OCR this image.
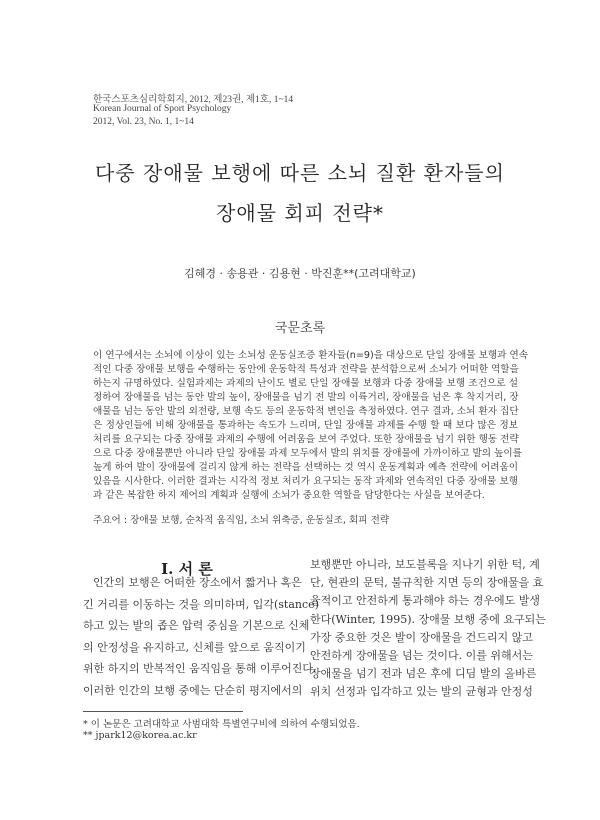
한국스포츠심리학회지, 2012, 제23권, 제1호, 1~14
Korean Journal of Sport Psychology
2012, Vol. 23, No. 1, 1~14
다중 장애물 보행에 따른 소뇌 질환 환자들의
장애물 회피 전략*
김혜경 · 송용관 · 김용현 · 박진훈**(고려대학교)
국문초록
이 연구에서는 소뇌에 이상이 있는 소뇌성 운동실조증 환자들(n=9)을 대상으로 단일 장애물 보행과 연속
적인 다중 장애물 보행을 수행하는 동안에 운동학적 특성과 전략을 분석함으로써 소뇌가 어떠한 역할을
하는지 규명하였다. 실험과제는 과제의 난이도 별로 단일 장애물 보행과 다중 장애물 보행 조건으로 설
정하여 장애물을 넘는 동안 발의 높이, 장애물을 넘기 전 발의 이륙거리, 장애물을 넘은 후 착지거리, 장
애물을 넘는 동안 발의 외전량, 보행 속도 등의 운동학적 변인을 측정하였다. 연구 결과, 소뇌 환자 집단
은 정상인들에 비해 장애물을 통과하는 속도가 느리며, 단일 장애물 과제를 수행 할 때 보다 많은 정보
처리를 요구되는 다중 장애물 과제의 수행에 어려움을 보여 주었다. 또한 장애물을 넘기 위한 행동 전략
으로 다중 장애물뿐만 아니라 단일 장애물 과제 모두에서 발의 위치를 장애물에 가까이하고 발의 높이를
높게 하여 발이 장애물에 걸리지 않게 하는 전략을 선택하는 것 역시 운동계획과 예측 전략에 어려움이
있음을 시사한다. 이러한 결과는 시각적 정보 처리가 요구되는 동작 과제와 연속적인 다중 장애물 보행
과 같은 복잡한 하지 제어의 계획과 실행에 소뇌가 중요한 역할을 담당한다는 사실을 보여준다.
주요어 : 장애물 보행, 순차적 움직임, 소뇌 위축증, 운동실조, 회피 전략
I. 서 론
인간의 보행은 어떠한 장소에서 짧거나 혹은
긴 거리를 이동하는 것을 의미하며, 입각(stance)
하고 있는 발의 좁은 압력 중심을 기본으로 신체
의 안정성을 유지하고, 신체를 앞으로 움직이기
위한 하지의 반복적인 움직임을 통해 이루어진다.
이러한 인간의 보행 중에는 단순히 평지에서의
보행뿐만 아니라, 보도블록을 지나기 위한 턱, 계
단, 현관의 문턱, 불규칙한 지면 등의 장애물을 효
율적이고 안전하게 통과해야 하는 경우에도 발생
한다(Winter, 1995). 장애물 보행 중에 요구되는
가장 중요한 것은 발이 장애물을 건드리지 않고
안전하게 장애물을 넘는 것이다. 이를 위해서는
장애물을 넘기 전과 넘은 후에 디딤 발의 올바른
위치 선정과 입각하고 있는 발의 균형과 안정성
* 이 논문은 고려대학교 사범대학 특별연구비에 의하여 수행되었음.
** jpark12@korea.ac.kr
